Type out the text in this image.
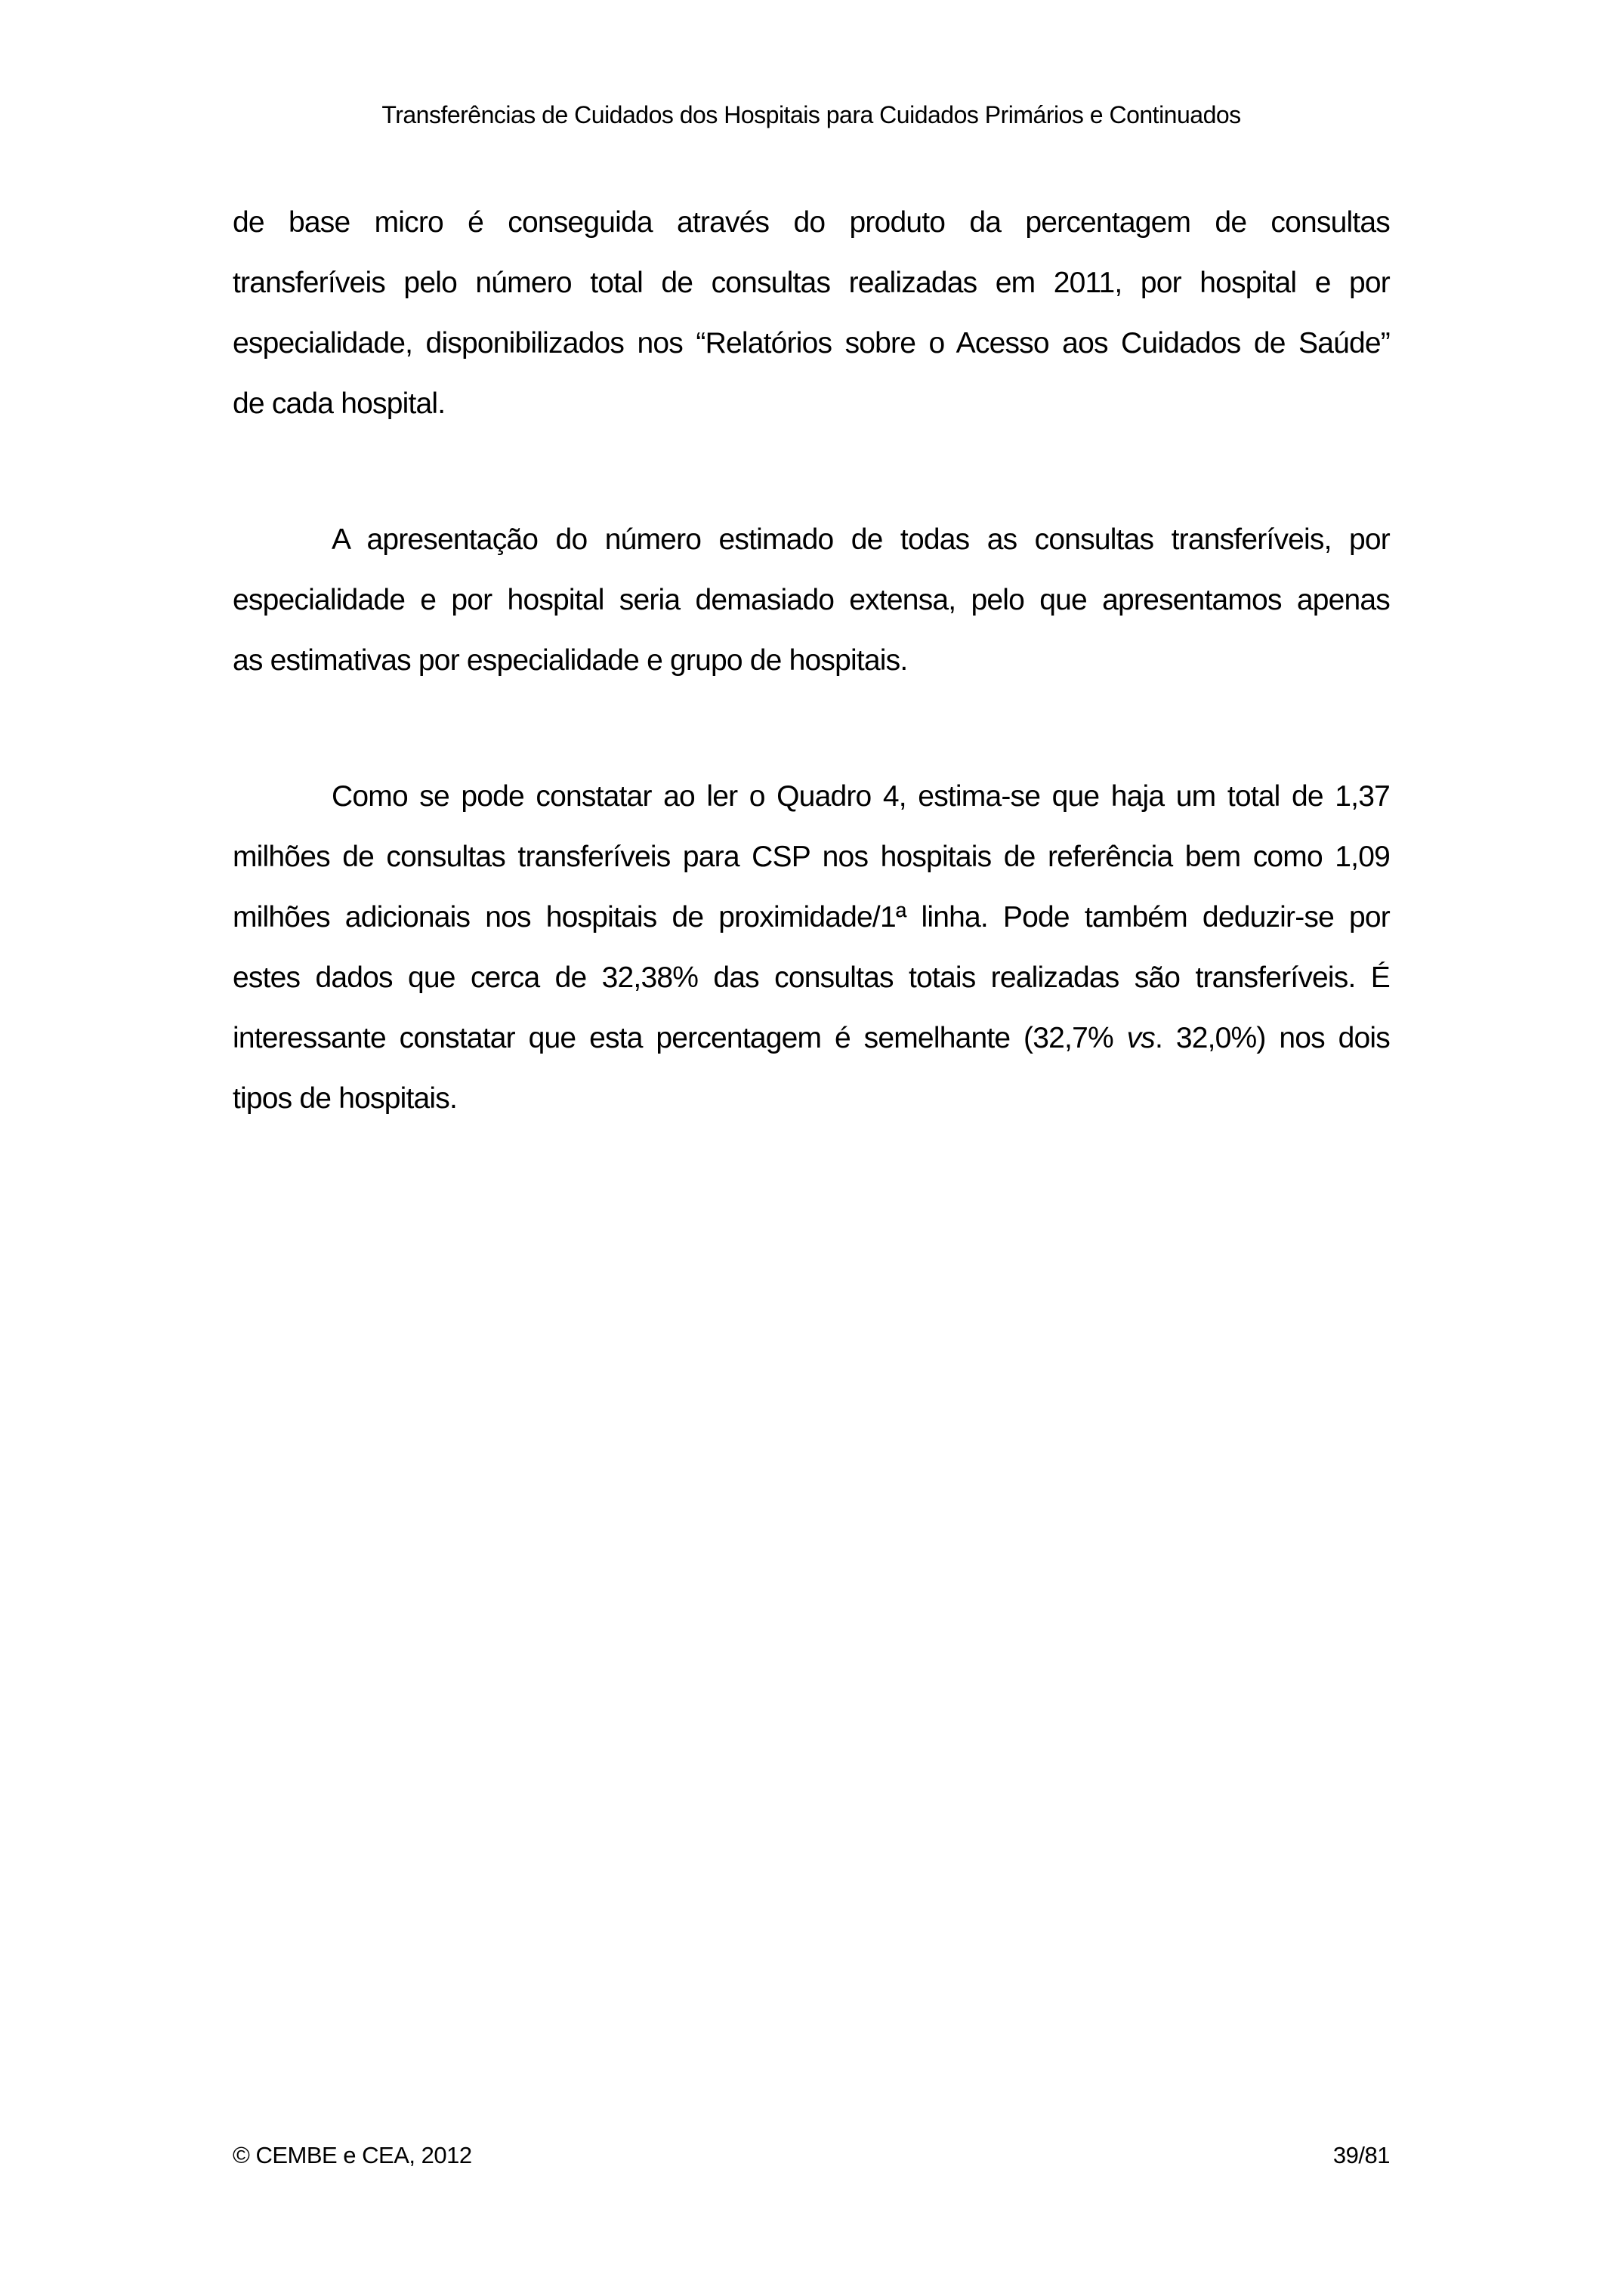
Transferências de Cuidados dos Hospitais para Cuidados Primários e Continuados
de base micro é conseguida através do produto da percentagem de consultas
transferíveis pelo número total de consultas realizadas em 2011, por hospital e por
especialidade, disponibilizados nos “Relatórios sobre o Acesso aos Cuidados de Saúde”
de cada hospital.
A apresentação do número estimado de todas as consultas transferíveis, por
especialidade e por hospital seria demasiado extensa, pelo que apresentamos apenas
as estimativas por especialidade e grupo de hospitais.
Como se pode constatar ao ler o Quadro 4, estima-se que haja um total de 1,37
milhões de consultas transferíveis para CSP nos hospitais de referência bem como 1,09
milhões adicionais nos hospitais de proximidade/1ª linha. Pode também deduzir-se por
estes dados que cerca de 32,38% das consultas totais realizadas são transferíveis. É
interessante constatar que esta percentagem é semelhante (32,7% vs. 32,0%) nos dois
tipos de hospitais.
© CEMBE e CEA, 2012	39/81
